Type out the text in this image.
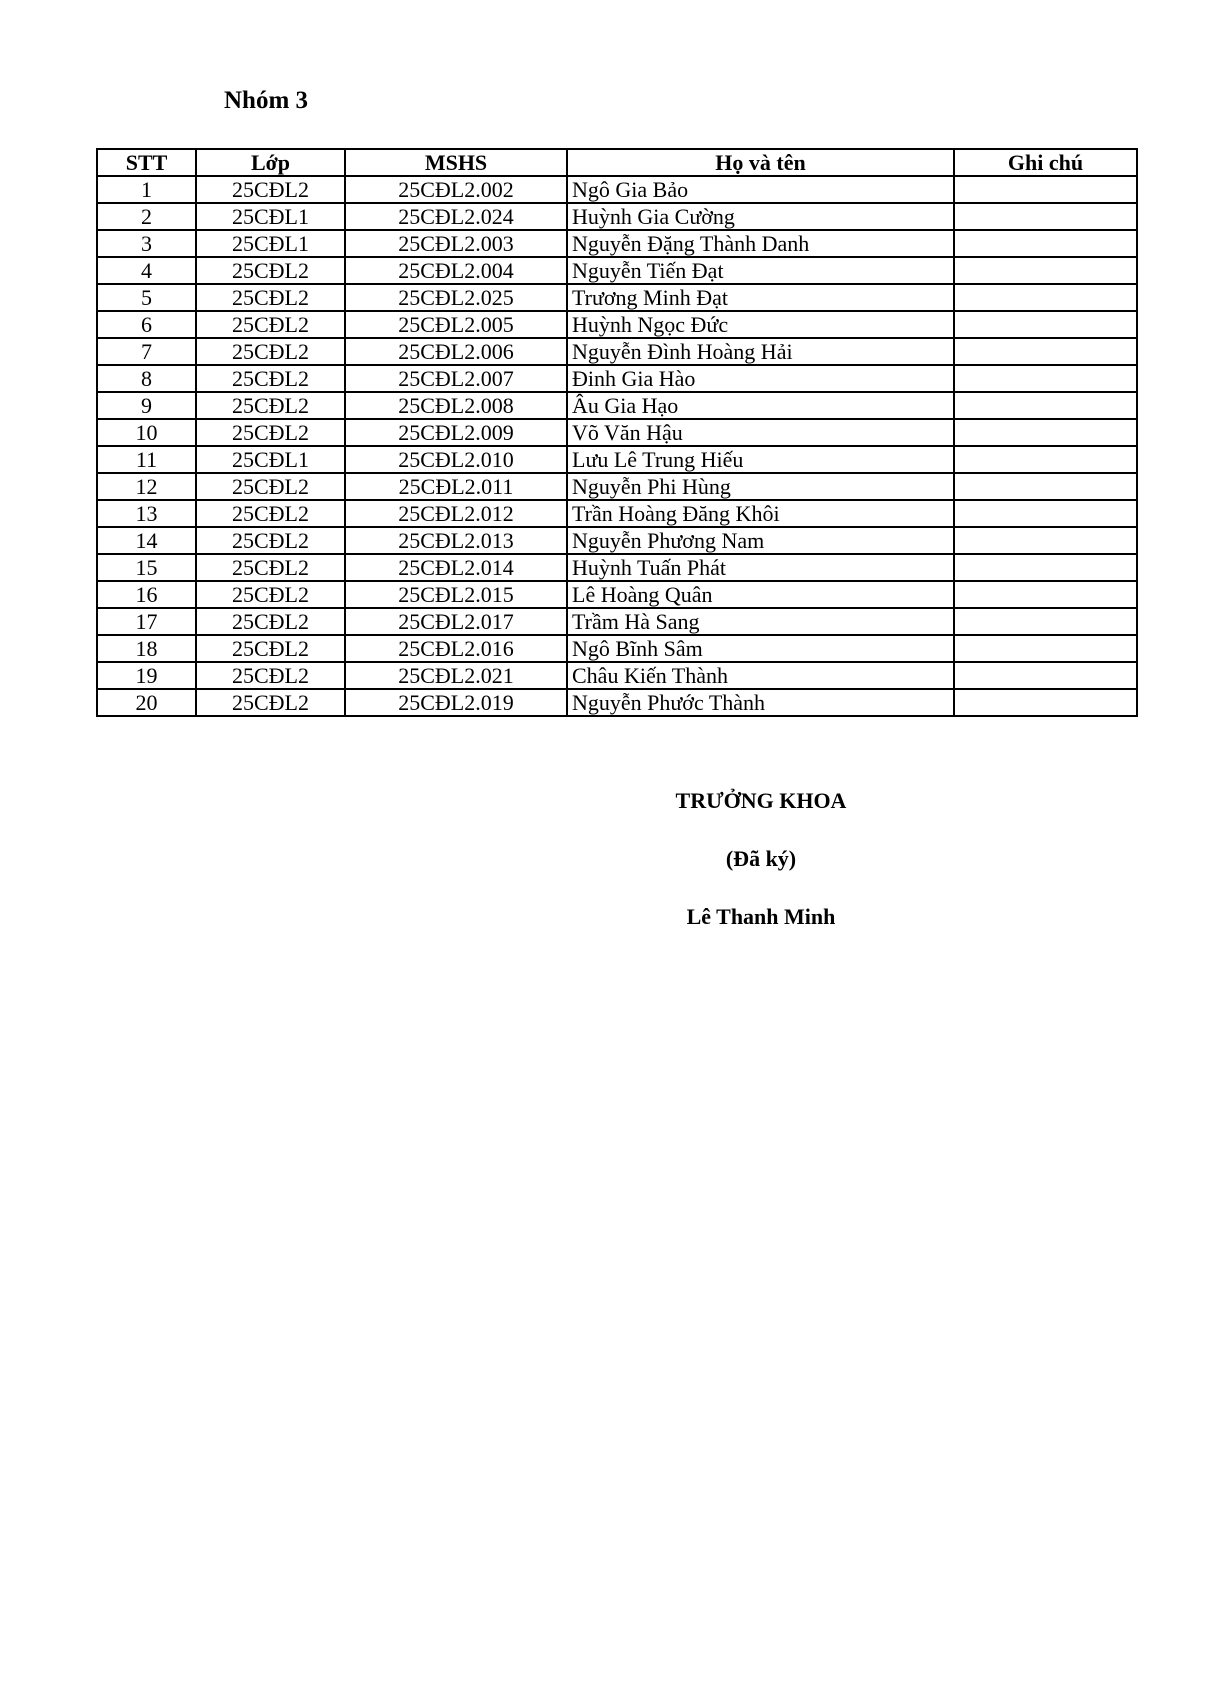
Nhóm 3
STT	Lớp	MSHS	Họ và tên	Ghi chú
1	25CĐL2	25CĐL2.002	Ngô Gia Bảo	
2	25CĐL1	25CĐL2.024	Huỳnh Gia Cường	
3	25CĐL1	25CĐL2.003	Nguyễn Đặng Thành Danh	
4	25CĐL2	25CĐL2.004	Nguyễn Tiến Đạt	
5	25CĐL2	25CĐL2.025	Trương Minh Đạt	
6	25CĐL2	25CĐL2.005	Huỳnh Ngọc Đức	
7	25CĐL2	25CĐL2.006	Nguyễn Đình Hoàng Hải	
8	25CĐL2	25CĐL2.007	Đinh Gia Hào	
9	25CĐL2	25CĐL2.008	Âu Gia Hạo	
10	25CĐL2	25CĐL2.009	Võ Văn Hậu	
11	25CĐL1	25CĐL2.010	Lưu Lê Trung Hiếu	
12	25CĐL2	25CĐL2.011	Nguyễn Phi Hùng	
13	25CĐL2	25CĐL2.012	Trần Hoàng Đăng Khôi	
14	25CĐL2	25CĐL2.013	Nguyễn Phương Nam	
15	25CĐL2	25CĐL2.014	Huỳnh Tuấn Phát	
16	25CĐL2	25CĐL2.015	Lê Hoàng Quân	
17	25CĐL2	25CĐL2.017	Trầm Hà Sang	
18	25CĐL2	25CĐL2.016	Ngô Bĩnh Sâm	
19	25CĐL2	25CĐL2.021	Châu Kiến Thành	
20	25CĐL2	25CĐL2.019	Nguyễn Phước Thành	
TRƯỞNG KHOA
(Đã ký)
Lê Thanh Minh
